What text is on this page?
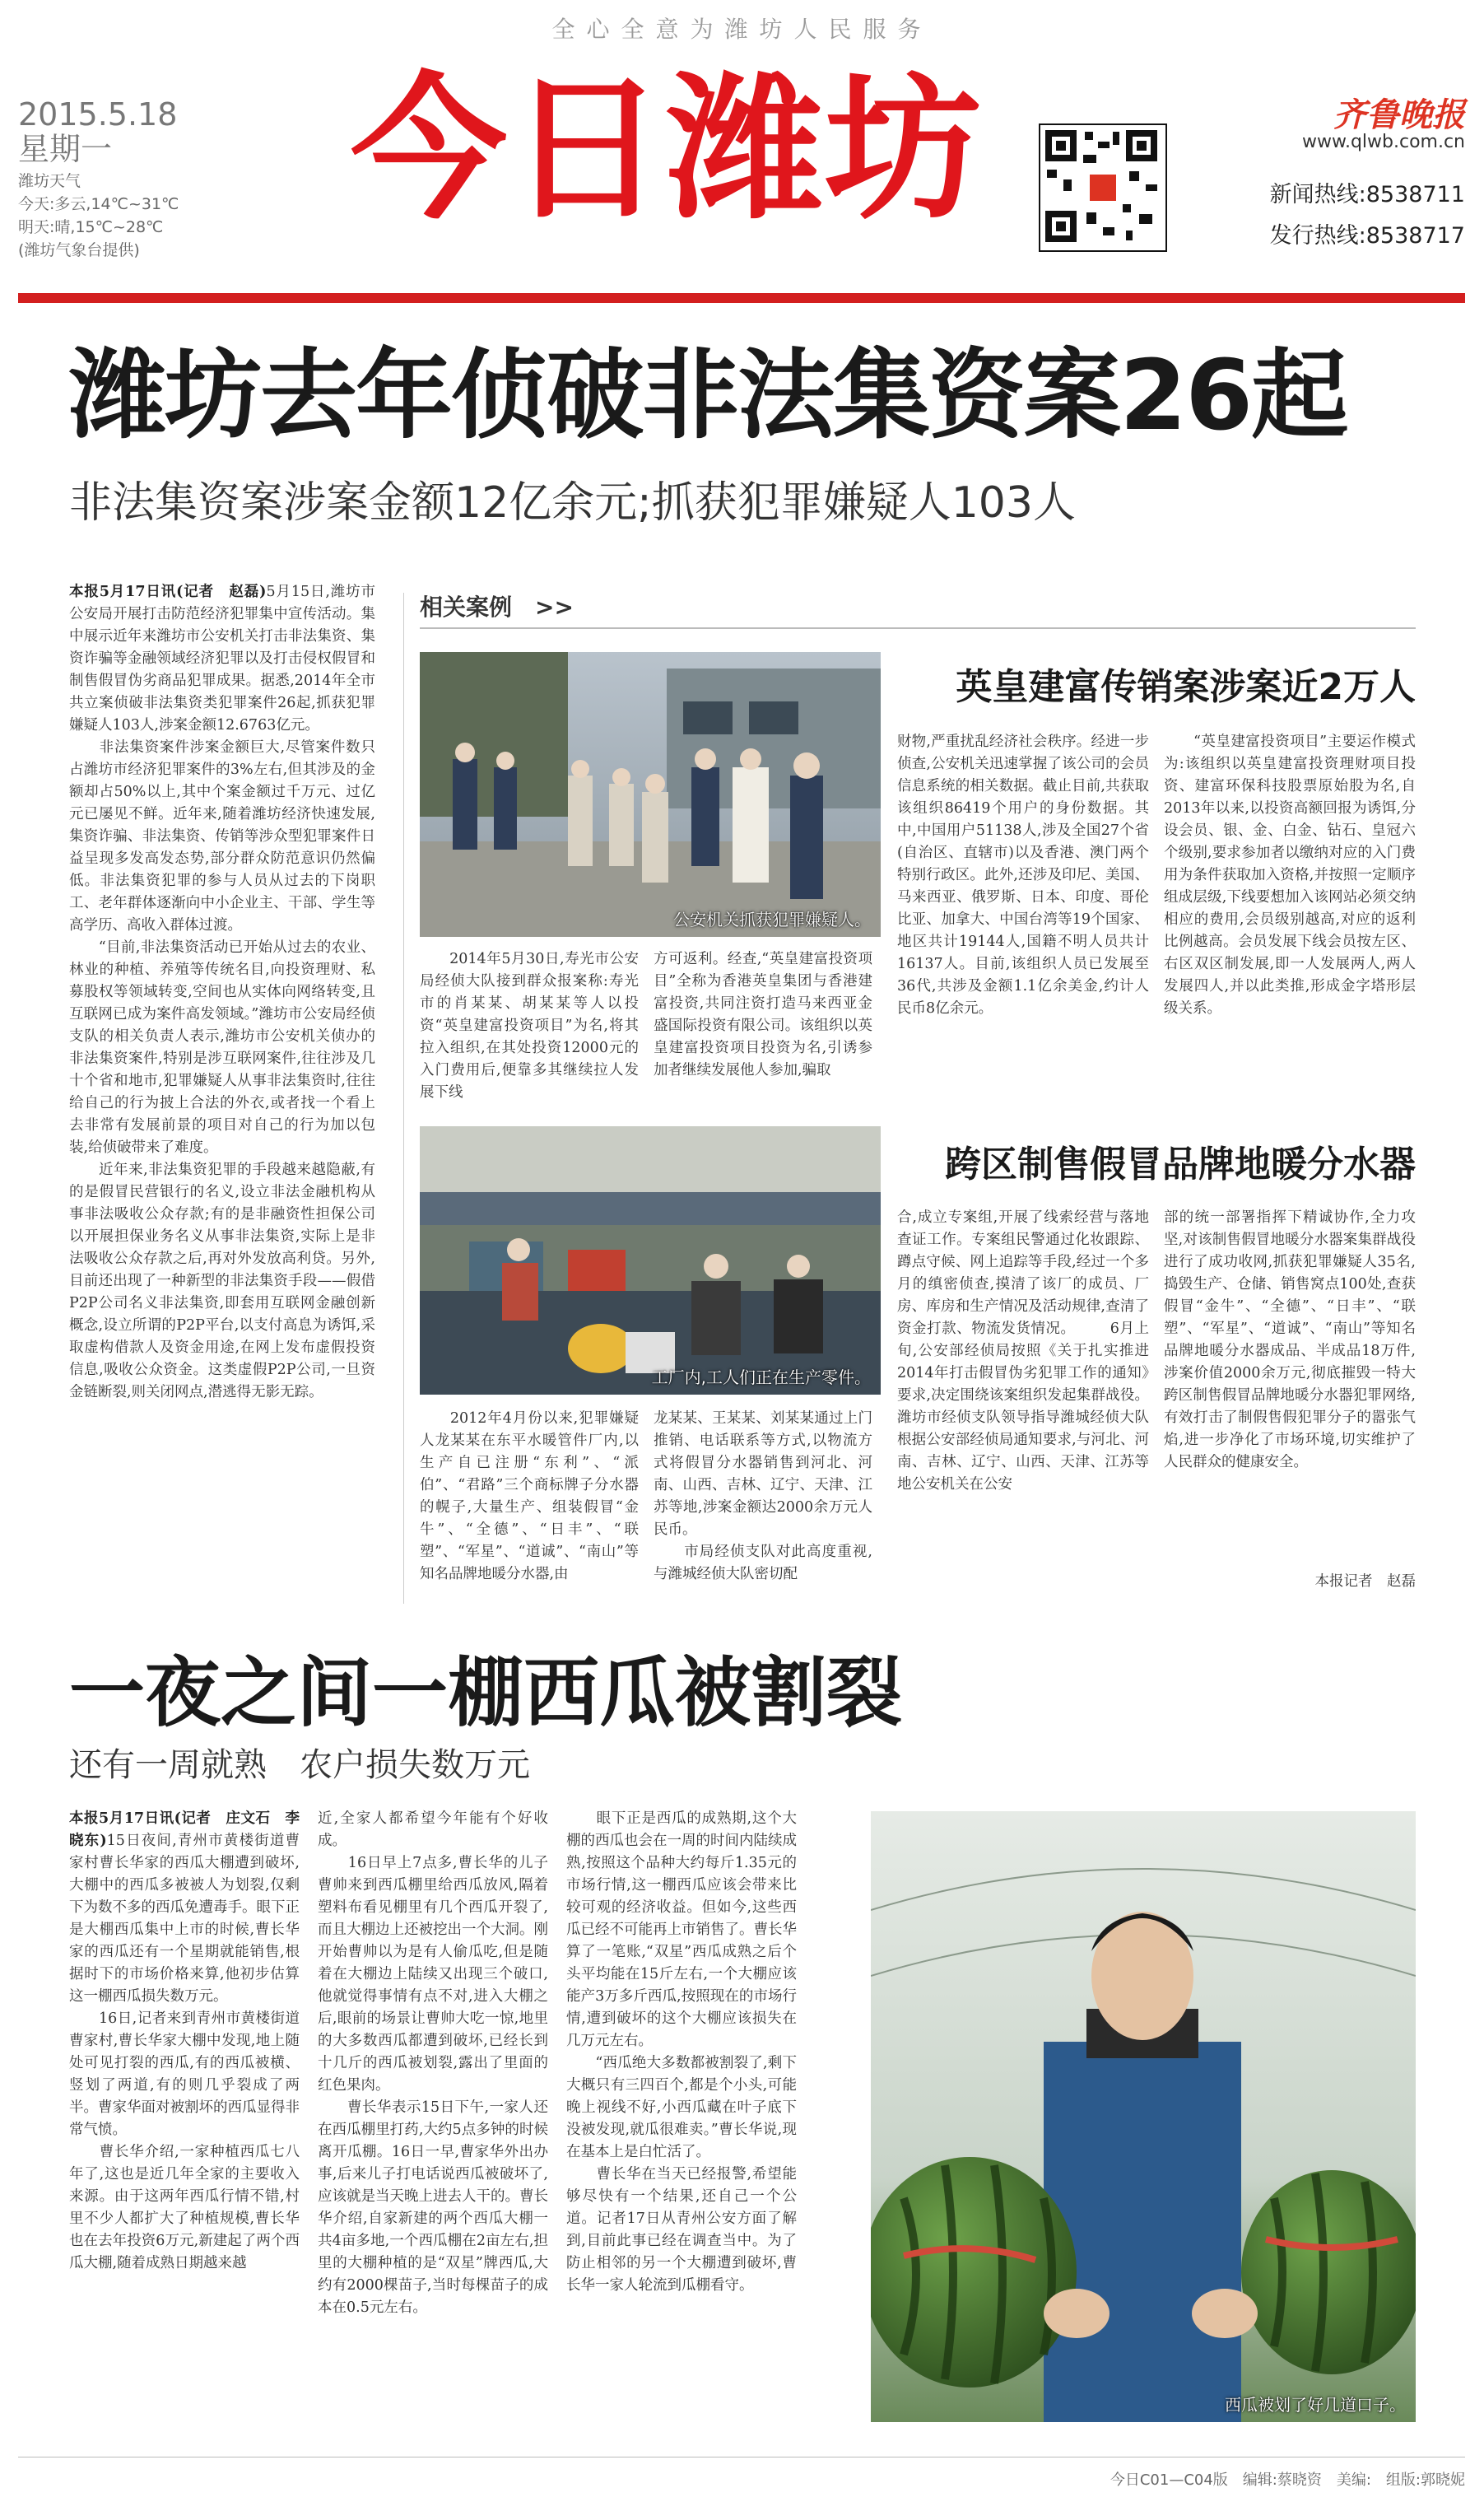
全心全意为潍坊人民服务
2015.5.18
星期一
潍坊天气
今天:多云,14℃~31℃
明天:晴,15℃~28℃
(潍坊气象台提供)
今日潍坊	齐鲁晚报
www.qlwb.com.cn
新闻热线:8538711
发行热线:8538717
潍坊去年侦破非法集资案26起
非法集资案涉案金额12亿余元;抓获犯罪嫌疑人103人
本报5月17日讯(记者　赵磊)5月15日,潍坊市公安局开展打击防范经济犯罪集中宣传活动。集中展示近年来潍坊市公安机关打击非法集资、集资诈骗等金融领域经济犯罪以及打击侵权假冒和制售假冒伪劣商品犯罪成果。据悉,2014年全市共立案侦破非法集资类犯罪案件26起,抓获犯罪嫌疑人103人,涉案金额12.6763亿元。
　　非法集资案件涉案金额巨大,尽管案件数只占潍坊市经济犯罪案件的3%左右,但其涉及的金额却占50%以上,其中个案金额过千万元、过亿元已屡见不鲜。近年来,随着潍坊经济快速发展,集资诈骗、非法集资、传销等涉众型犯罪案件日益呈现多发高发态势,部分群众防范意识仍然偏低。非法集资犯罪的参与人员从过去的下岗职工、老年群体逐渐向中小企业主、干部、学生等高学历、高收入群体过渡。
　　“目前,非法集资活动已开始从过去的农业、林业的种植、养殖等传统名目,向投资理财、私募股权等领域转变,空间也从实体向网络转变,且互联网已成为案件高发领域。”潍坊市公安局经侦支队的相关负责人表示,潍坊市公安机关侦办的非法集资案件,特别是涉互联网案件,往往涉及几十个省和地市,犯罪嫌疑人从事非法集资时,往往给自己的行为披上合法的外衣,或者找一个看上去非常有发展前景的项目对自己的行为加以包装,给侦破带来了难度。
　　近年来,非法集资犯罪的手段越来越隐蔽,有的是假冒民营银行的名义,设立非法金融机构从事非法吸收公众存款;有的是非融资性担保公司以开展担保业务名义从事非法集资,实际上是非法吸收公众存款之后,再对外发放高利贷。另外,目前还出现了一种新型的非法集资手段——假借P2P公司名义非法集资,即套用互联网金融创新概念,设立所谓的P2P平台,以支付高息为诱饵,采取虚构借款人及资金用途,在网上发布虚假投资信息,吸收公众资金。这类虚假P2P公司,一旦资金链断裂,则关闭网点,潜逃得无影无踪。
相关案例　>>
公安机关抓获犯罪嫌疑人。
英皇建富传销案涉案近2万人
财物,严重扰乱经济社会秩序。经进一步侦查,公安机关迅速掌握了该公司的会员信息系统的相关数据。截止目前,共获取该组织86419个用户的身份数据。其中,中国用户51138人,涉及全国27个省(自治区、直辖市)以及香港、澳门两个特别行政区。此外,还涉及印尼、美国、马来西亚、俄罗斯、日本、印度、哥伦比亚、加拿大、中国台湾等19个国家、地区共计19144人,国籍不明人员共计16137人。目前,该组织人员已发展至36代,共涉及金额1.1亿余美金,约计人民币8亿余元。
　　“英皇建富投资项目”主要运作模式为:该组织以英皇建富投资理财项目投资、建富环保科技股票原始股为名,自2013年以来,以投资高额回报为诱饵,分设会员、银、金、白金、钻石、皇冠六个级别,要求参加者以缴纳对应的入门费用为条件获取加入资格,并按照一定顺序组成层级,下线要想加入该网站必须交纳相应的费用,会员级别越高,对应的返利比例越高。会员发展下线会员按左区、右区双区制发展,即一人发展两人,两人发展四人,并以此类推,形成金字塔形层级关系。
　　2014年5月30日,寿光市公安局经侦大队接到群众报案称:寿光市的肖某某、胡某某等人以投资“英皇建富投资项目”为名,将其拉入组织,在其处投资12000元的入门费用后,便靠多其继续拉人发展下线
方可返利。经查,“英皇建富投资项目”全称为香港英皇集团与香港建富投资,共同注资打造马来西亚金盛国际投资有限公司。该组织以英皇建富投资项目投资为名,引诱参加者继续发展他人参加,骗取
工厂内,工人们正在生产零件。
跨区制售假冒品牌地暖分水器
合,成立专案组,开展了线索经营与落地查证工作。专案组民警通过化妆跟踪、蹲点守候、网上追踪等手段,经过一个多月的缜密侦查,摸清了该厂的成员、厂房、库房和生产情况及活动规律,查清了资金打款、物流发货情况。 　　6月上旬,公安部经侦局按照《关于扎实推进2014年打击假冒伪劣犯罪工作的通知》要求,决定围绕该案组织发起集群战役。潍坊市经侦支队领导指导潍城经侦大队根据公安部经侦局通知要求,与河北、河南、吉林、辽宁、山西、天津、江苏等地公安机关在公安
部的统一部署指挥下精诚协作,全力攻坚,对该制售假冒地暖分水器案集群战役进行了成功收网,抓获犯罪嫌疑人35名,捣毁生产、仓储、销售窝点100处,查获假冒“金牛”、“全德”、“日丰”、“联塑”、“军星”、“道诚”、“南山”等知名品牌地暖分水器成品、半成品18万件,涉案价值2000余万元,彻底摧毁一特大跨区制售假冒品牌地暖分水器犯罪网络,有效打击了制假售假犯罪分子的嚣张气焰,进一步净化了市场环境,切实维护了人民群众的健康安全。
本报记者　赵磊
　　2012年4月份以来,犯罪嫌疑人龙某某在东平水暖管件厂内,以生产自已注册“东利”、“派伯”、“君路”三个商标牌子分水器的幌子,大量生产、组装假冒“金牛”、“全德”、“日丰”、“联塑”、“军星”、“道诚”、“南山”等知名品牌地暖分水器,由
龙某某、王某某、刘某某通过上门推销、电话联系等方式,以物流方式将假冒分水器销售到河北、河南、山西、吉林、辽宁、天津、江苏等地,涉案金额达2000余万元人民币。
　　市局经侦支队对此高度重视,与潍城经侦大队密切配
一夜之间一棚西瓜被割裂
还有一周就熟　农户损失数万元
本报5月17日讯(记者　庄文石　李晓东)15日夜间,青州市黄楼街道曹家村曹长华家的西瓜大棚遭到破坏,大棚中的西瓜多被被人为划裂,仅剩下为数不多的西瓜免遭毒手。眼下正是大棚西瓜集中上市的时候,曹长华家的西瓜还有一个星期就能销售,根据时下的市场价格来算,他初步估算这一棚西瓜损失数万元。
　　16日,记者来到青州市黄楼街道曹家村,曹长华家大棚中发现,地上随处可见打裂的西瓜,有的西瓜被横、竖划了两道,有的则几乎裂成了两半。曹家华面对被割坏的西瓜显得非常气愤。
　　曹长华介绍,一家种植西瓜七八年了,这也是近几年全家的主要收入来源。由于这两年西瓜行情不错,村里不少人都扩大了种植规模,曹长华也在去年投资6万元,新建起了两个西瓜大棚,随着成熟日期越来越
近,全家人都希望今年能有个好收成。
　　16日早上7点多,曹长华的儿子曹帅来到西瓜棚里给西瓜放风,隔着塑料布看见棚里有几个西瓜开裂了,而且大棚边上还被挖出一个大洞。刚开始曹帅以为是有人偷瓜吃,但是随着在大棚边上陆续又出现三个破口,他就觉得事情有点不对,进入大棚之后,眼前的场景让曹帅大吃一惊,地里的大多数西瓜都遭到破坏,已经长到十几斤的西瓜被划裂,露出了里面的红色果肉。
　　曹长华表示15日下午,一家人还在西瓜棚里打药,大约5点多钟的时候离开瓜棚。16日一早,曹家华外出办事,后来儿子打电话说西瓜被破坏了,应该就是当天晚上进去人干的。曹长华介绍,自家新建的两个西瓜大棚一共4亩多地,一个西瓜棚在2亩左右,担里的大棚种植的是“双星”牌西瓜,大约有2000棵苗子,当时每棵苗子的成本在0.5元左右。
　　眼下正是西瓜的成熟期,这个大棚的西瓜也会在一周的时间内陆续成熟,按照这个品种大约每斤1.35元的市场行情,这一棚西瓜应该会带来比较可观的经济收益。但如今,这些西瓜已经不可能再上市销售了。曹长华算了一笔账,“双星”西瓜成熟之后个头平均能在15斤左右,一个大棚应该能产3万多斤西瓜,按照现在的市场行情,遭到破坏的这个大棚应该损失在几万元左右。
　　“西瓜绝大多数都被割裂了,剩下大概只有三四百个,都是个小头,可能晚上视线不好,小西瓜藏在叶子底下没被发现,就瓜很难卖。”曹长华说,现在基本上是白忙活了。
　　曹长华在当天已经报警,希望能够尽快有一个结果,还自己一个公道。记者17日从青州公安方面了解到,目前此事已经在调查当中。为了防止相邻的另一个大棚遭到破坏,曹长华一家人轮流到瓜棚看守。
西瓜被划了好几道口子。
今日C01—C04版　编辑:蔡晓资　美编:　组版:郭晓妮
